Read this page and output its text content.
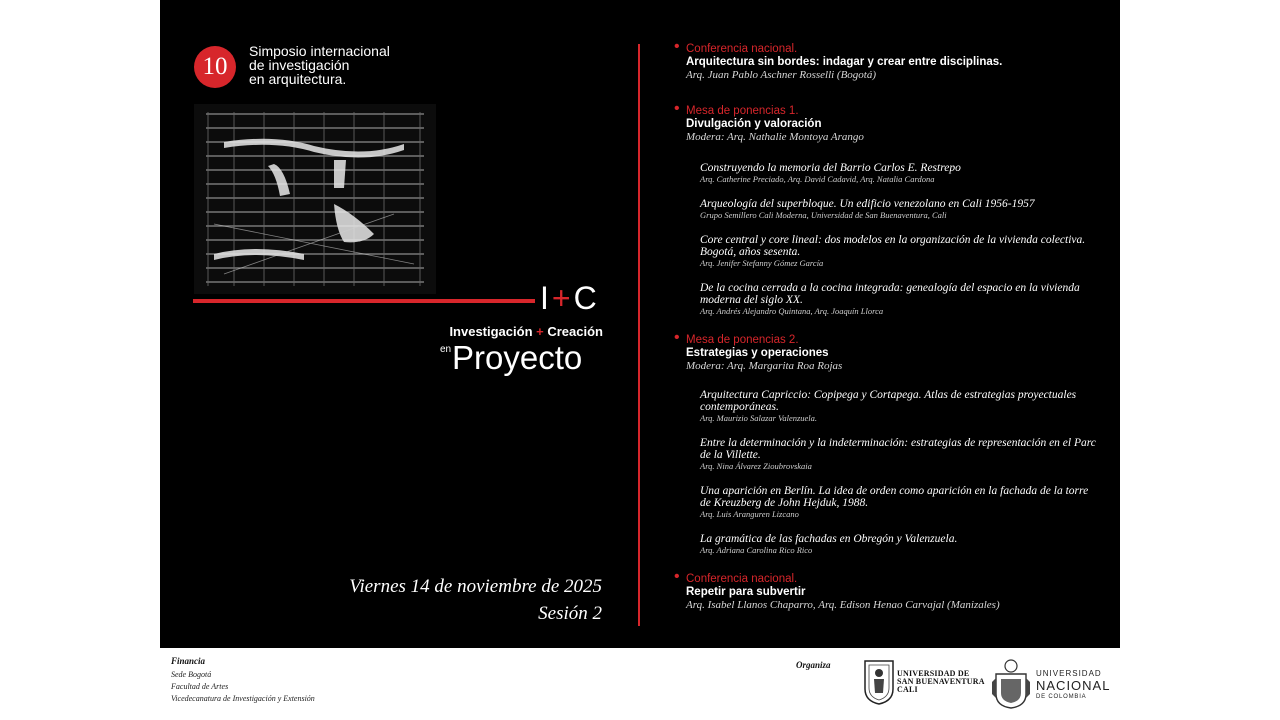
10
Simposio internacional
de investigación
en arquitectura.
I+C
Investigación + Creación
en Proyecto
Viernes 14 de noviembre de 2025
Sesión 2
• Conferencia nacional.
Arquitectura sin bordes: indagar y crear entre disciplinas.
Arq. Juan Pablo Aschner Rosselli (Bogotá)
• Mesa de ponencias 1.
Divulgación y valoración
Modera: Arq. Nathalie Montoya Arango
Construyendo la memoria del Barrio Carlos E. Restrepo
Arq. Catherine Preciado, Arq. David Cadavid, Arq. Natalia Cardona
Arqueología del superbloque. Un edificio venezolano en Cali 1956-1957
Grupo Semillero Cali Moderna, Universidad de San Buenaventura, Cali
Core central y core lineal: dos modelos en la organización de la vivienda colectiva. Bogotá, años sesenta.
Arq. Jenifer Stefanny Gómez García
De la cocina cerrada a la cocina integrada: genealogía del espacio en la vivienda moderna del siglo XX.
Arq. Andrés Alejandro Quintana, Arq. Joaquín Llorca
• Mesa de ponencias 2.
Estrategias y operaciones
Modera: Arq. Margarita Roa Rojas
Arquitectura Capriccio: Copipega y Cortapega. Atlas de estrategias proyectuales contemporáneas.
Arq. Maurizio Salazar Valenzuela.
Entre la determinación y la indeterminación: estrategias de representación en el Parc de la Villette.
Arq. Nina Álvarez Zioubrovskaia
Una aparición en Berlín. La idea de orden como aparición en la fachada de la torre de Kreuzberg de John Hejduk, 1988.
Arq. Luis Aranguren Lizcano
La gramática de las fachadas en Obregón y Valenzuela.
Arq. Adriana Carolina Rico Rico
• Conferencia nacional.
Repetir para subvertir
Arq. Isabel Llanos Chaparro, Arq. Edison Henao Carvajal (Manizales)
Financia
Sede Bogotá
Facultad de Artes
Vicedecanatura de Investigación y Extensión
Organiza
UNIVERSIDAD DE
SAN BUENAVENTURA
CALI
UNIVERSIDAD
NACIONAL
DE COLOMBIA
